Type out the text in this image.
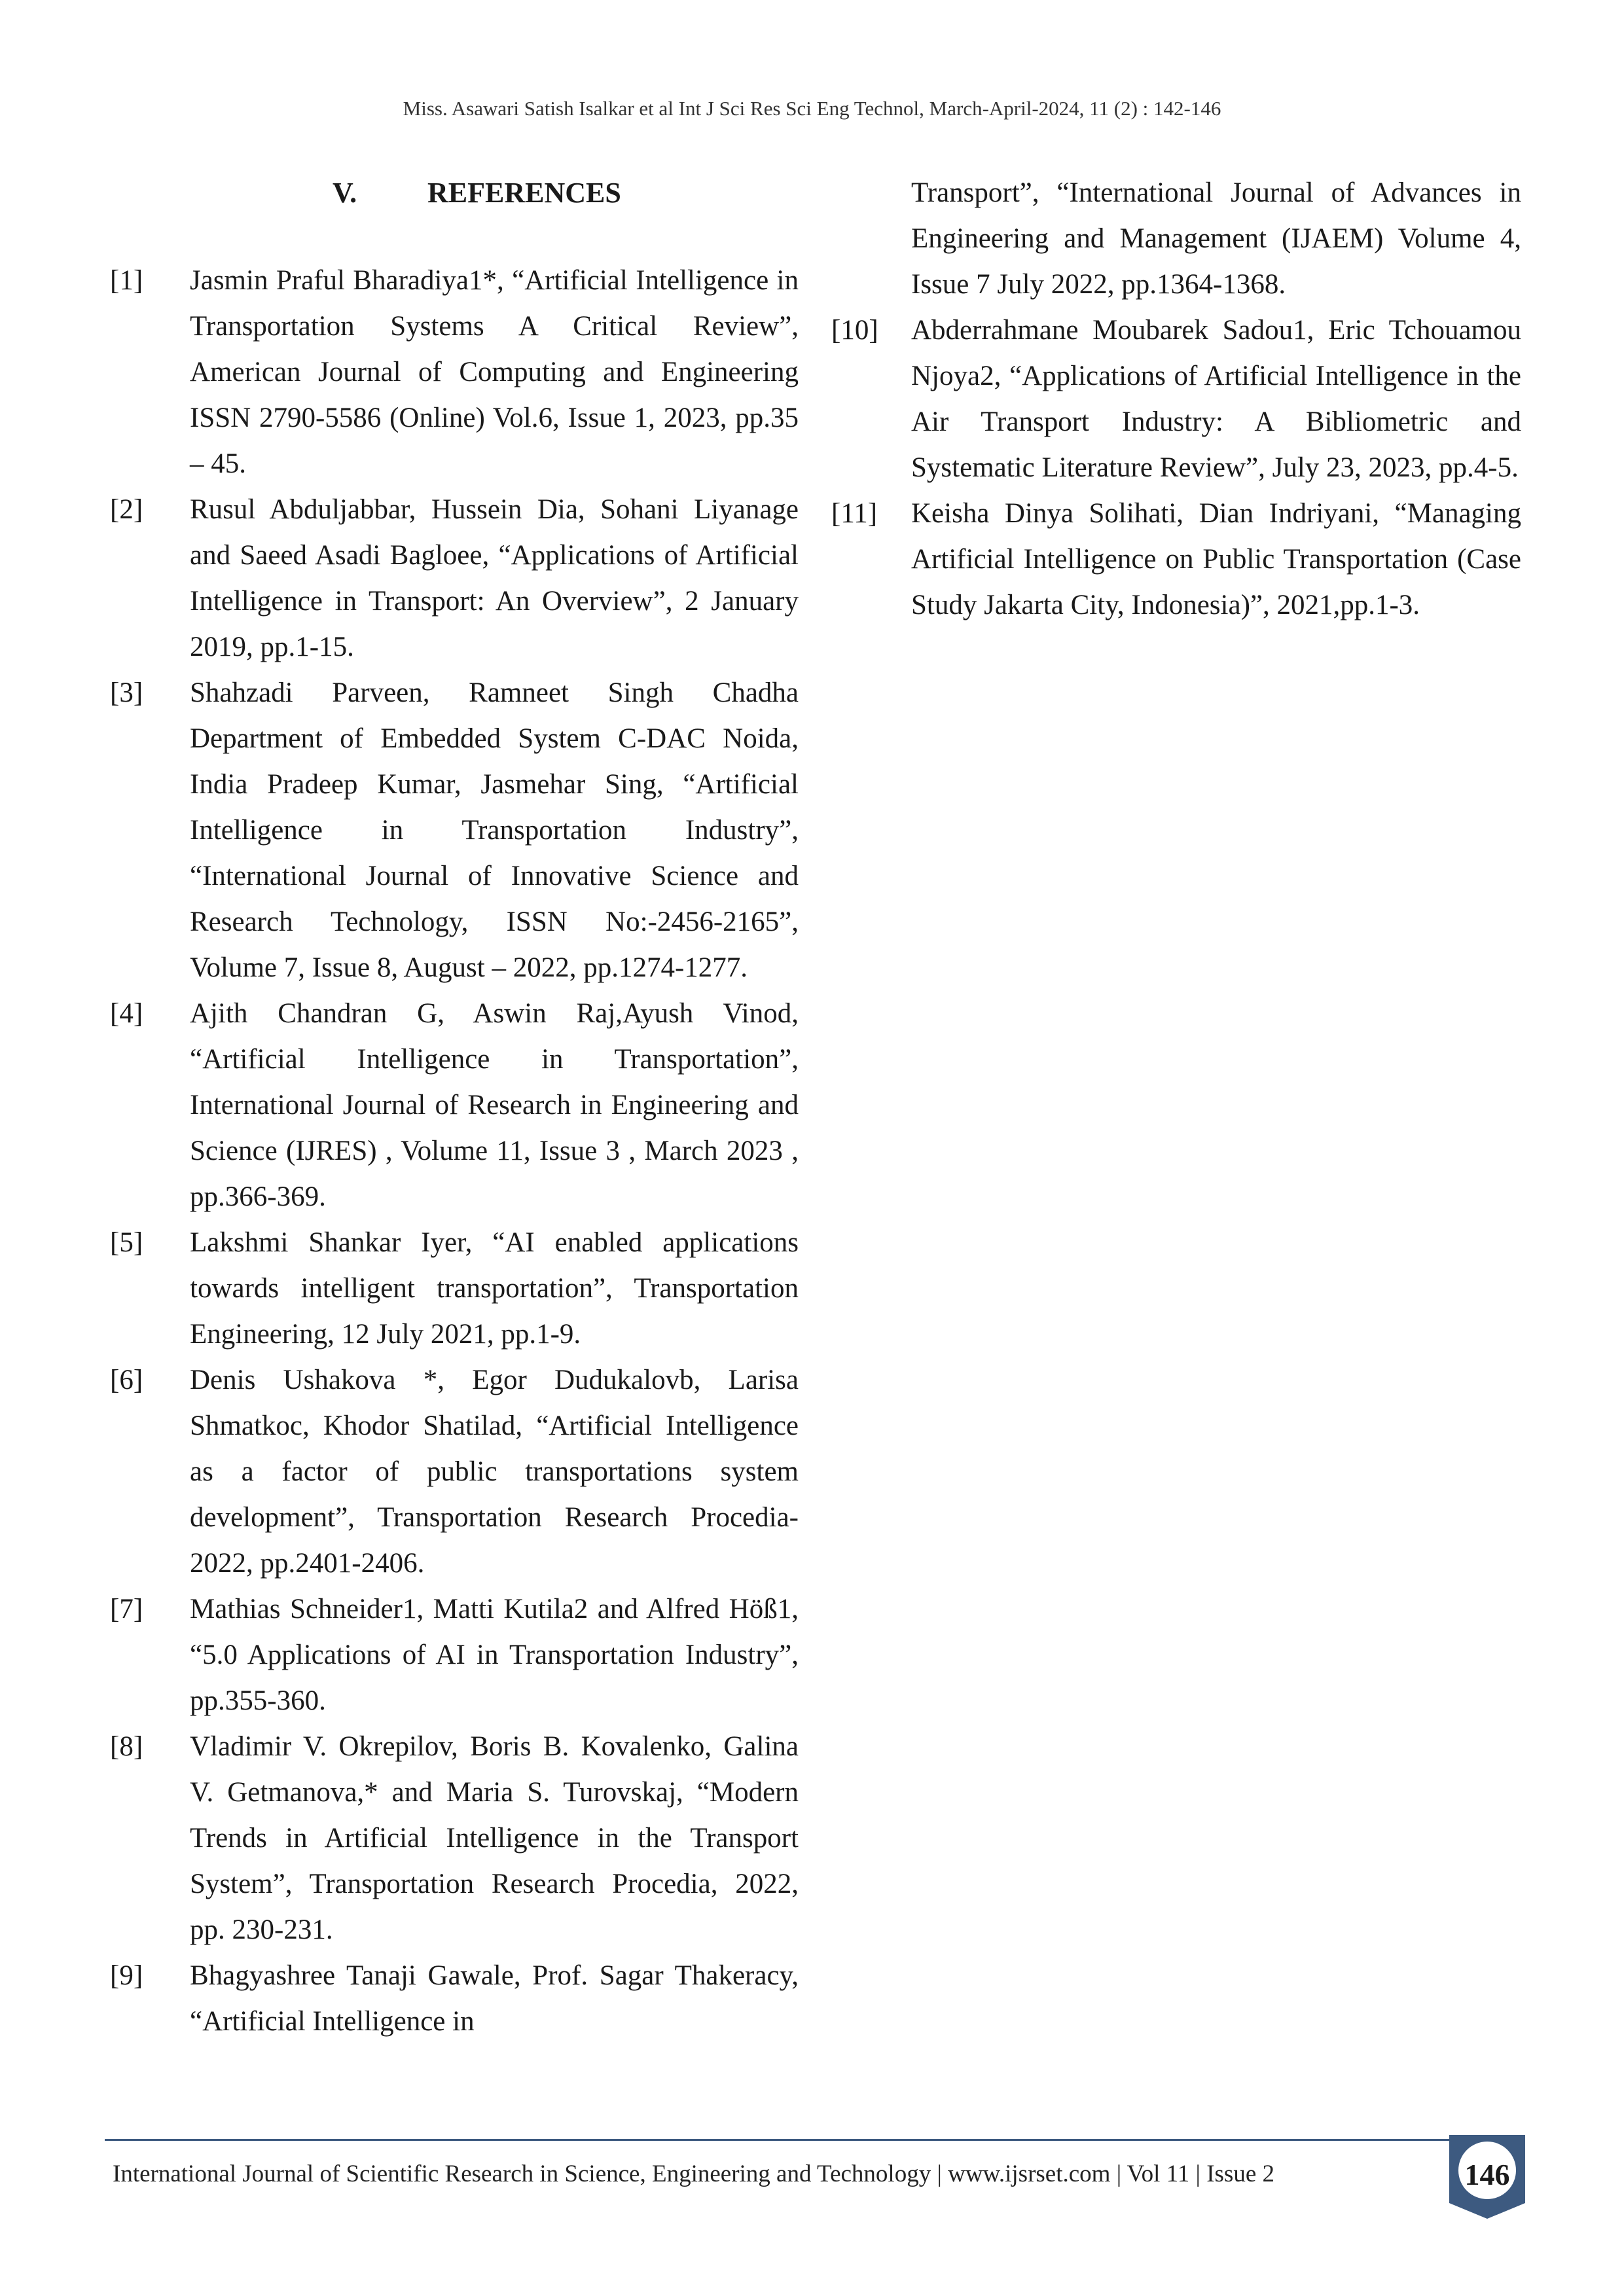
Miss. Asawari Satish Isalkar et al Int J Sci Res Sci Eng Technol, March-April-2024, 11 (2) : 142-146
V. REFERENCES
[1] Jasmin Praful Bharadiya1*, “Artificial Intelligence in Transportation Systems A Critical Review”, American Journal of Computing and Engineering ISSN 2790-5586 (Online) Vol.6, Issue 1, 2023, pp.35 – 45.
[2] Rusul Abduljabbar, Hussein Dia, Sohani Liyanage and Saeed Asadi Bagloee, “Applications of Artificial Intelligence in Transport: An Overview”, 2 January 2019, pp.1-15.
[3] Shahzadi Parveen, Ramneet Singh Chadha Department of Embedded System C-DAC Noida, India Pradeep Kumar, Jasmehar Sing, “Artificial Intelligence in Transportation Industry”, “International Journal of Innovative Science and Research Technology, ISSN No:-2456-2165”, Volume 7, Issue 8, August – 2022, pp.1274-1277.
[4] Ajith Chandran G, Aswin Raj,Ayush Vinod, “Artificial Intelligence in Transportation”, International Journal of Research in Engineering and Science (IJRES) , Volume 11, Issue 3 , March 2023 , pp.366-369.
[5] Lakshmi Shankar Iyer, “AI enabled applications towards intelligent transportation”, Transportation Engineering, 12 July 2021, pp.1-9.
[6] Denis Ushakova *, Egor Dudukalovb, Larisa Shmatkoc, Khodor Shatilad, “Artificial Intelligence as a factor of public transportations system development”, Transportation Research Procedia-2022, pp.2401-2406.
[7] Mathias Schneider1, Matti Kutila2 and Alfred Höß1, “5.0 Applications of AI in Transportation Industry”, pp.355-360.
[8] Vladimir V. Okrepilov, Boris B. Kovalenko, Galina V. Getmanova,* and Maria S. Turovskaj, “Modern Trends in Artificial Intelligence in the Transport System”, Transportation Research Procedia, 2022, pp. 230-231.
[9] Bhagyashree Tanaji Gawale, Prof. Sagar Thakeracy, “Artificial Intelligence in
Transport”, “International Journal of Advances in Engineering and Management (IJAEM) Volume 4, Issue 7 July 2022, pp.1364-1368.
[10] Abderrahmane Moubarek Sadou1, Eric Tchouamou Njoya2, “Applications of Artificial Intelligence in the Air Transport Industry: A Bibliometric and Systematic Literature Review”, July 23, 2023, pp.4-5.
[11] Keisha Dinya Solihati, Dian Indriyani, “Managing Artificial Intelligence on Public Transportation (Case Study Jakarta City, Indonesia)”, 2021,pp.1-3.
International Journal of Scientific Research in Science, Engineering and Technology | www.ijsrset.com | Vol 11 | Issue 2	146
